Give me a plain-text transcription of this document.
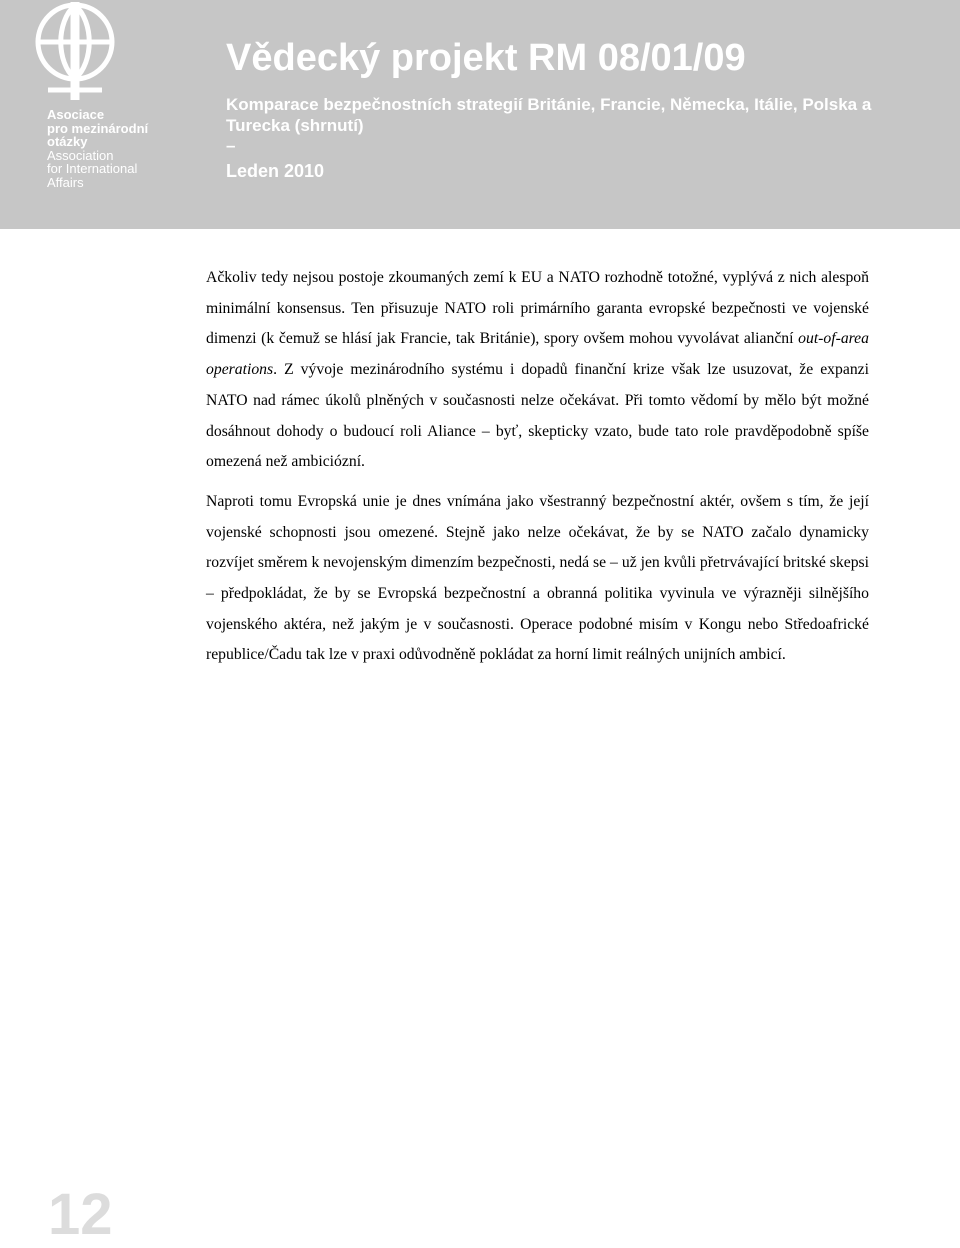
Asociace
pro mezinárodní
otázky
Association
for International
Affairs
Vědecký projekt RM 08/01/09
Komparace bezpečnostních strategií Británie, Francie, Německa, Itálie, Polska a Turecka (shrnutí)
–
Leden 2010

Ačkoliv tedy nejsou postoje zkoumaných zemí k EU a NATO rozhodně totožné, vyplývá z nich alespoň minimální konsensus. Ten přisuzuje NATO roli primárního garanta evropské bezpečnosti ve vojenské dimenzi (k čemuž se hlásí jak Francie, tak Británie), spory ovšem mohou vyvolávat alianční out-of-area operations. Z vývoje mezinárodního systému i dopadů finanční krize však lze usuzovat, že expanzi NATO nad rámec úkolů plněných v současnosti nelze očekávat. Při tomto vědomí by mělo být možné dosáhnout dohody o budoucí roli Aliance – byť, skepticky vzato, bude tato role pravděpodobně spíše omezená než ambiciózní.

Naproti tomu Evropská unie je dnes vnímána jako všestranný bezpečnostní aktér, ovšem s tím, že její vojenské schopnosti jsou omezené. Stejně jako nelze očekávat, že by se NATO začalo dynamicky rozvíjet směrem k nevojenským dimenzím bezpečnosti, nedá se – už jen kvůli přetrvávající britské skepsi – předpokládat, že by se Evropská bezpečnostní a obranná politika vyvinula ve výrazněji silnějšího vojenského aktéra, než jakým je v současnosti. Operace podobné misím v Kongu nebo Středoafrické republice/Čadu tak lze v praxi odůvodněně pokládat za horní limit reálných unijních ambicí.

12
